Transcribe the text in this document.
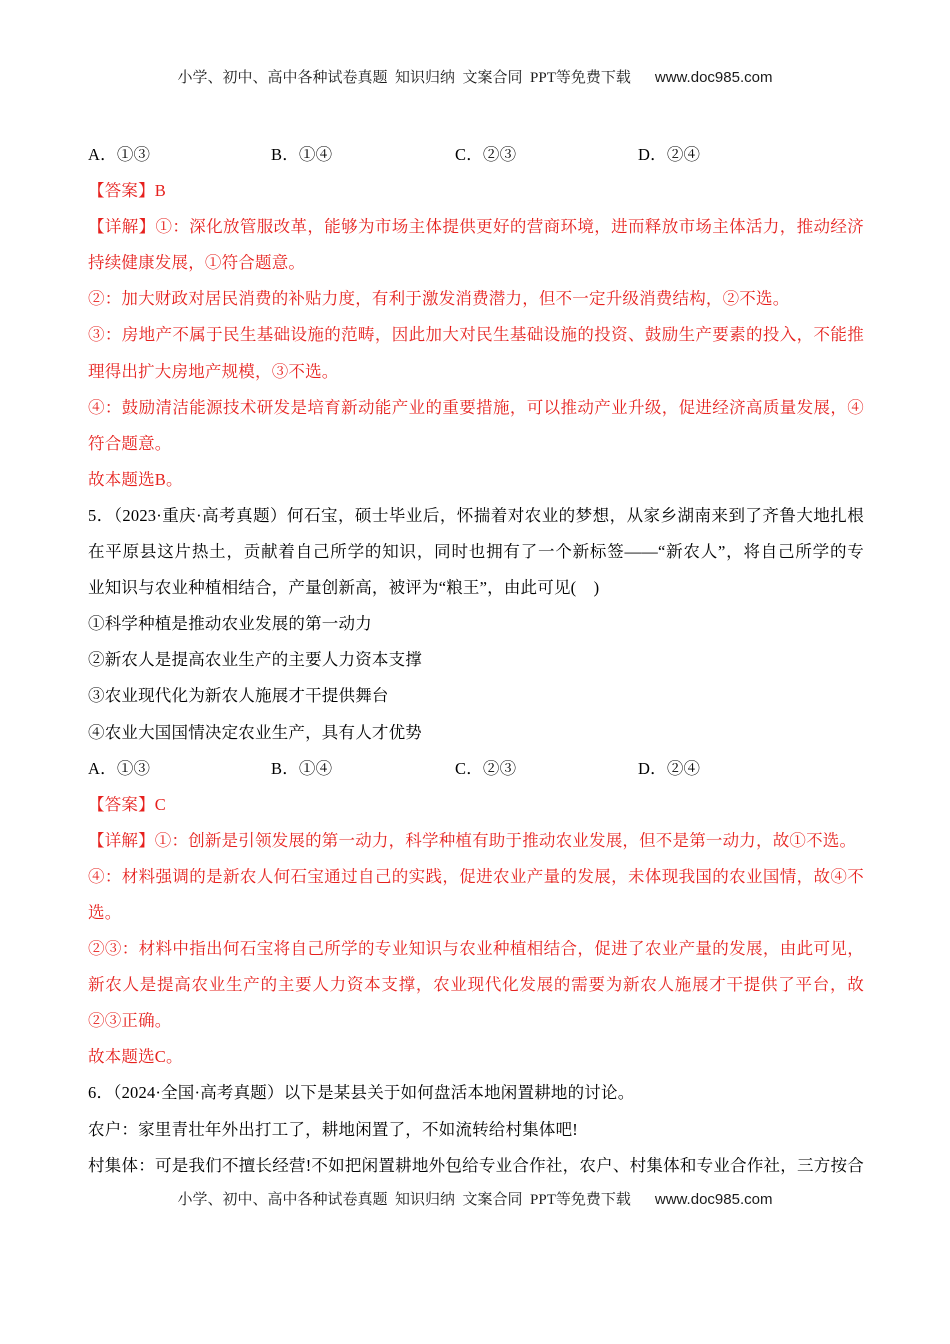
小学、初中、高中各种试卷真题  知识归纳  文案合同  PPT等免费下载 www.doc985.com

A．①③

	B．①④

	C．②③

	D．②④

【答案】B
【详解】①：深化放管服改革，能够为市场主体提供更好的营商环境，进而释放市场主体活力，推动经济
持续健康发展，①符合题意。
②：加大财政对居民消费的补贴力度，有利于激发消费潜力，但不一定升级消费结构，②不选。
③：房地产不属于民生基础设施的范畴，因此加大对民生基础设施的投资、鼓励生产要素的投入，不能推
理得出扩大房地产规模，③不选。
④：鼓励清洁能源技术研发是培育新动能产业的重要措施，可以推动产业升级，促进经济高质量发展，④
符合题意。
故本题选B。
5．（2023·重庆·高考真题）何石宝，硕士毕业后，怀揣着对农业的梦想，从家乡湖南来到了齐鲁大地扎根
在平原县这片热土，贡献着自己所学的知识，同时也拥有了一个新标签——“新农人”，将自己所学的专
业知识与农业种植相结合，产量创新高，被评为“粮王”，由此可见(    )
①科学种植是推动农业发展的第一动力
②新农人是提高农业生产的主要人力资本支撑
③农业现代化为新农人施展才干提供舞台
④农业大国国情决定农业生产，具有人才优势

A．①③

	B．①④

	C．②③

	D．②④

【答案】C
【详解】①：创新是引领发展的第一动力，科学种植有助于推动农业发展，但不是第一动力，故①不选。
④：材料强调的是新农人何石宝通过自己的实践，促进农业产量的发展，未体现我国的农业国情，故④不
选。
②③：材料中指出何石宝将自己所学的专业知识与农业种植相结合，促进了农业产量的发展，由此可见，
新农人是提高农业生产的主要人力资本支撑，农业现代化发展的需要为新农人施展才干提供了平台，故
②③正确。
故本题选C。
6．（2024·全国·高考真题）以下是某县关于如何盘活本地闲置耕地的讨论。
农户：家里青壮年外出打工了，耕地闲置了，不如流转给村集体吧!
村集体：可是我们不擅长经营!不如把闲置耕地外包给专业合作社，农户、村集体和专业合作社，三方按合
小学、初中、高中各种试卷真题  知识归纳  文案合同  PPT等免费下载 www.doc985.com
